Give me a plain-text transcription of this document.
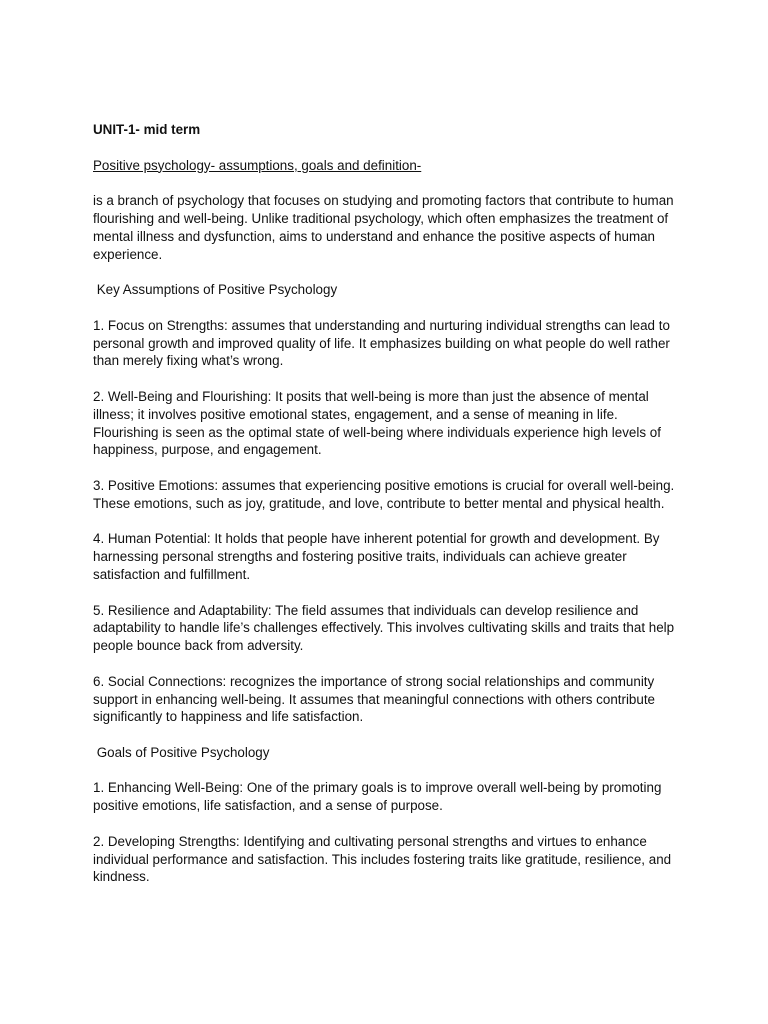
UNIT-1- mid term

Positive psychology- assumptions, goals and definition-

is a branch of psychology that focuses on studying and promoting factors that contribute to human flourishing and well-being. Unlike traditional psychology, which often emphasizes the treatment of mental illness and dysfunction, aims to understand and enhance the positive aspects of human experience.

Key Assumptions of Positive Psychology

1. Focus on Strengths: assumes that understanding and nurturing individual strengths can lead to personal growth and improved quality of life. It emphasizes building on what people do well rather than merely fixing what’s wrong.

2. Well-Being and Flourishing: It posits that well-being is more than just the absence of mental illness; it involves positive emotional states, engagement, and a sense of meaning in life. Flourishing is seen as the optimal state of well-being where individuals experience high levels of happiness, purpose, and engagement.

3. Positive Emotions: assumes that experiencing positive emotions is crucial for overall well-being. These emotions, such as joy, gratitude, and love, contribute to better mental and physical health.

4. Human Potential: It holds that people have inherent potential for growth and development. By harnessing personal strengths and fostering positive traits, individuals can achieve greater satisfaction and fulfillment.

5. Resilience and Adaptability: The field assumes that individuals can develop resilience and adaptability to handle life’s challenges effectively. This involves cultivating skills and traits that help people bounce back from adversity.

6. Social Connections: recognizes the importance of strong social relationships and community support in enhancing well-being. It assumes that meaningful connections with others contribute significantly to happiness and life satisfaction.

Goals of Positive Psychology

1. Enhancing Well-Being: One of the primary goals is to improve overall well-being by promoting positive emotions, life satisfaction, and a sense of purpose.

2. Developing Strengths: Identifying and cultivating personal strengths and virtues to enhance individual performance and satisfaction. This includes fostering traits like gratitude, resilience, and kindness.
